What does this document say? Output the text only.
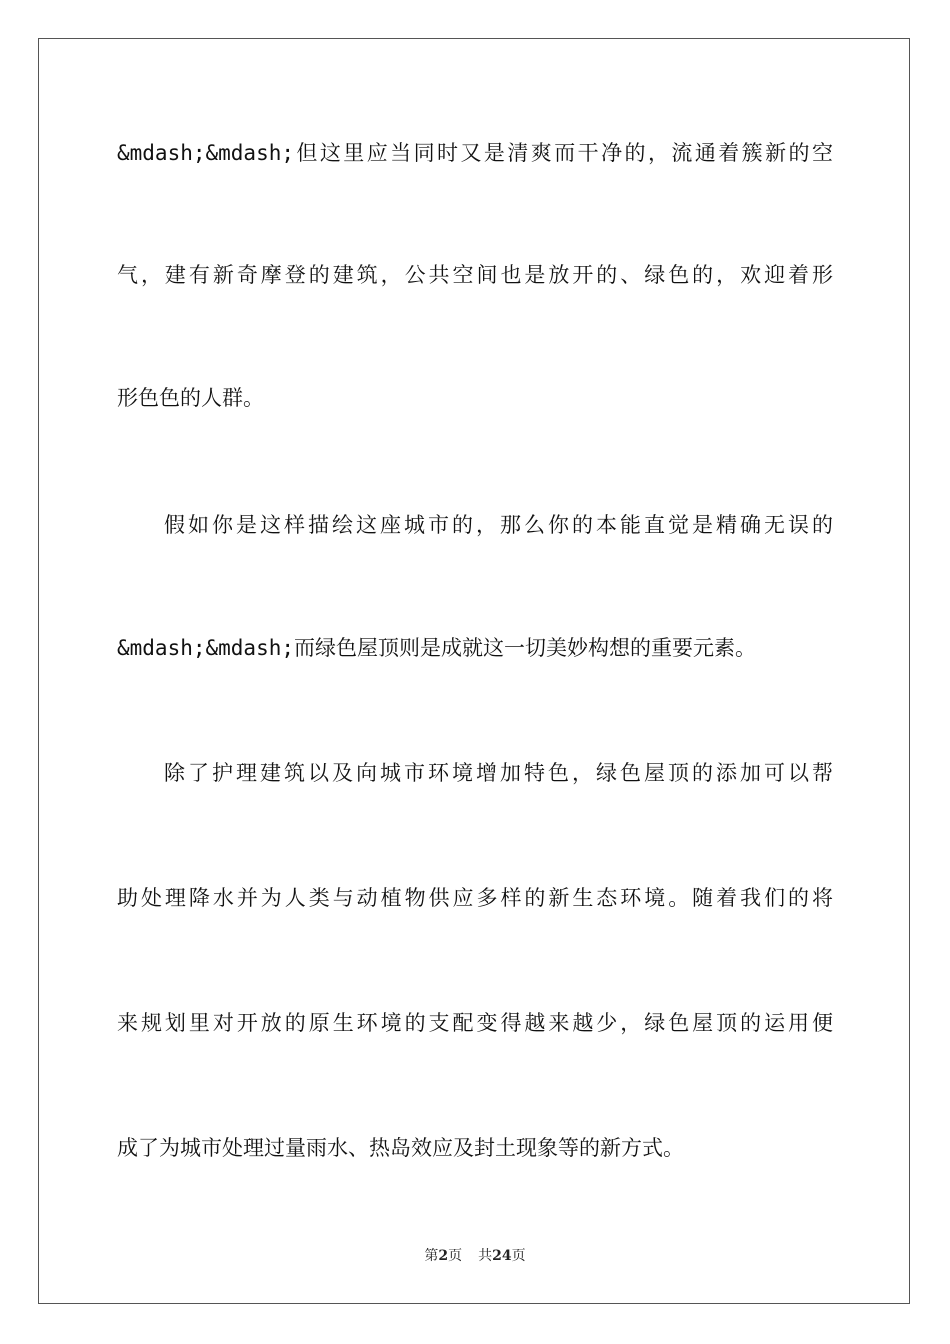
&mdash;&mdash;但这里应当同时又是清爽而干净的，流通着簇新的空
气，建有新奇摩登的建筑，公共空间也是放开的、绿色的，欢迎着形
形色色的人群。
假如你是这样描绘这座城市的，那么你的本能直觉是精确无误的
&mdash;&mdash;而绿色屋顶则是成就这一切美妙构想的重要元素。
除了护理建筑以及向城市环境增加特色，绿色屋顶的添加可以帮
助处理降水并为人类与动植物供应多样的新生态环境。随着我们的将
来规划里对开放的原生环境的支配变得越来越少，绿色屋顶的运用便
成了为城市处理过量雨水、热岛效应及封土现象等的新方式。
第2页 共24页
